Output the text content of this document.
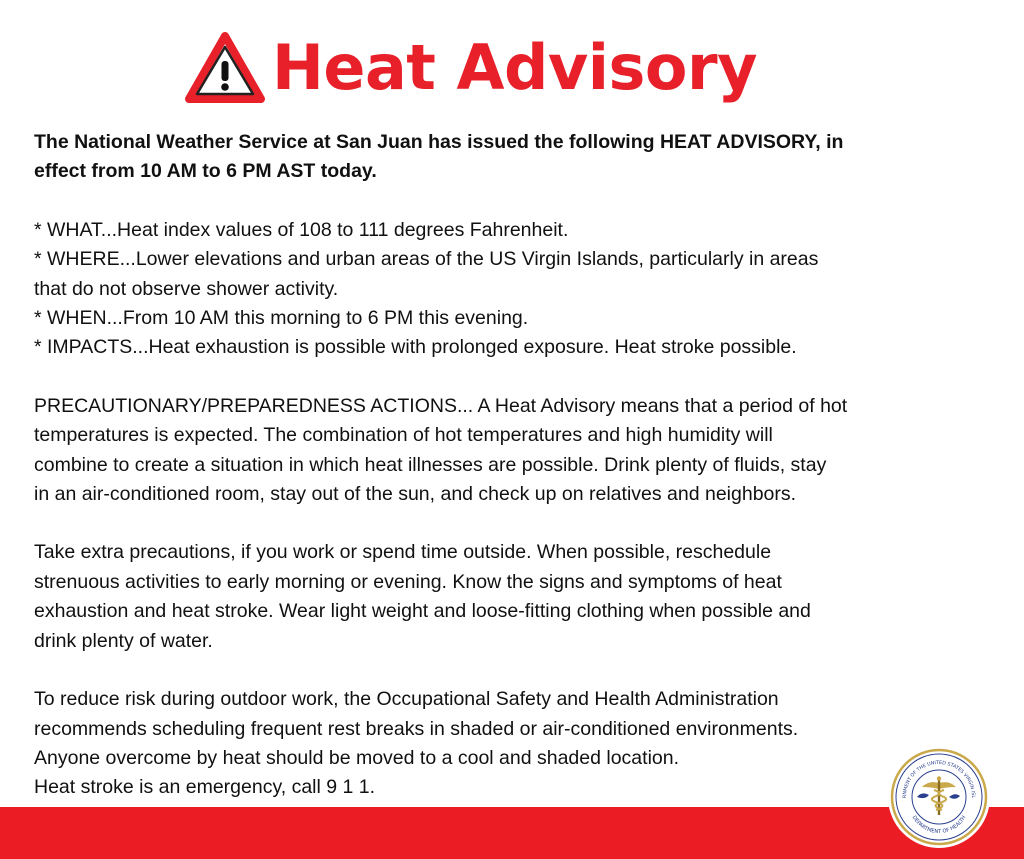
Heat Advisory
The National Weather Service at San Juan has issued the following HEAT ADVISORY, in
effect from 10 AM to 6 PM AST today.
* WHAT...Heat index values of 108 to 111 degrees Fahrenheit.
* WHERE...Lower elevations and urban areas of the US Virgin Islands, particularly in areas
that do not observe shower activity.
* WHEN...From 10 AM this morning to 6 PM this evening.
* IMPACTS...Heat exhaustion is possible with prolonged exposure. Heat stroke possible.
PRECAUTIONARY/PREPAREDNESS ACTIONS... A Heat Advisory means that a period of hot
temperatures is expected. The combination of hot temperatures and high humidity will
combine to create a situation in which heat illnesses are possible. Drink plenty of fluids, stay
in an air-conditioned room, stay out of the sun, and check up on relatives and neighbors.
Take extra precautions, if you work or spend time outside. When possible, reschedule
strenuous activities to early morning or evening. Know the signs and symptoms of heat
exhaustion and heat stroke. Wear light weight and loose-fitting clothing when possible and
drink plenty of water.
To reduce risk during outdoor work, the Occupational Safety and Health Administration
recommends scheduling frequent rest breaks in shaded or air-conditioned environments.
Anyone overcome by heat should be moved to a cool and shaded location.
Heat stroke is an emergency, call 9 1 1.	RNMENT OF THE UNITED STATES VIRGIN ISL
DEPARTMENT OF HEALTH
